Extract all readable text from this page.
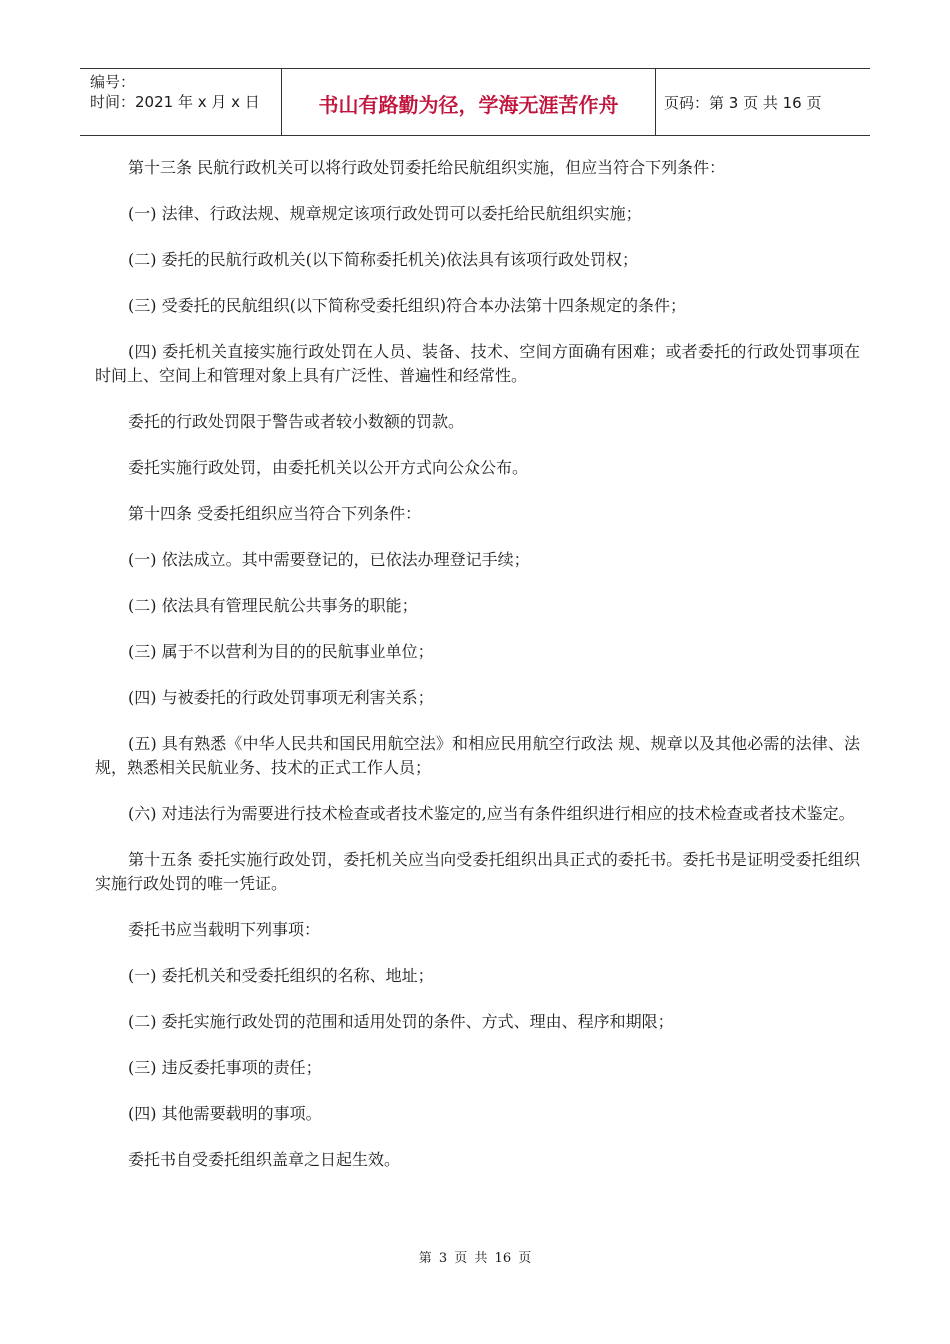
编号：
时间：2021 年 x 月 x 日	书山有路勤为径，学海无涯苦作舟	页码：第 3 页 共 16 页

第十三条 民航行政机关可以将行政处罚委托给民航组织实施，但应当符合下列条件：

(一) 法律、行政法规、规章规定该项行政处罚可以委托给民航组织实施；

(二) 委托的民航行政机关(以下简称委托机关)依法具有该项行政处罚权；

(三) 受委托的民航组织(以下简称受委托组织)符合本办法第十四条规定的条件；

(四) 委托机关直接实施行政处罚在人员、装备、技术、空间方面确有困难；或者委托的行政处罚事项在时间上、空间上和管理对象上具有广泛性、普遍性和经常性。

委托的行政处罚限于警告或者较小数额的罚款。

委托实施行政处罚，由委托机关以公开方式向公众公布。

第十四条 受委托组织应当符合下列条件：

(一) 依法成立。其中需要登记的，已依法办理登记手续；

(二) 依法具有管理民航公共事务的职能；

(三) 属于不以营利为目的的民航事业单位；

(四) 与被委托的行政处罚事项无利害关系；

(五) 具有熟悉《中华人民共和国民用航空法》和相应民用航空行政法 规、规章以及其他必需的法律、法规，熟悉相关民航业务、技术的正式工作人员；

(六) 对违法行为需要进行技术检查或者技术鉴定的,应当有条件组织进行相应的技术检查或者技术鉴定。

第十五条 委托实施行政处罚，委托机关应当向受委托组织出具正式的委托书。委托书是证明受委托组织实施行政处罚的唯一凭证。

委托书应当载明下列事项：

(一) 委托机关和受委托组织的名称、地址；

(二) 委托实施行政处罚的范围和适用处罚的条件、方式、理由、程序和期限；

(三) 违反委托事项的责任；

(四) 其他需要载明的事项。

委托书自受委托组织盖章之日起生效。

第 3 页 共 16 页
